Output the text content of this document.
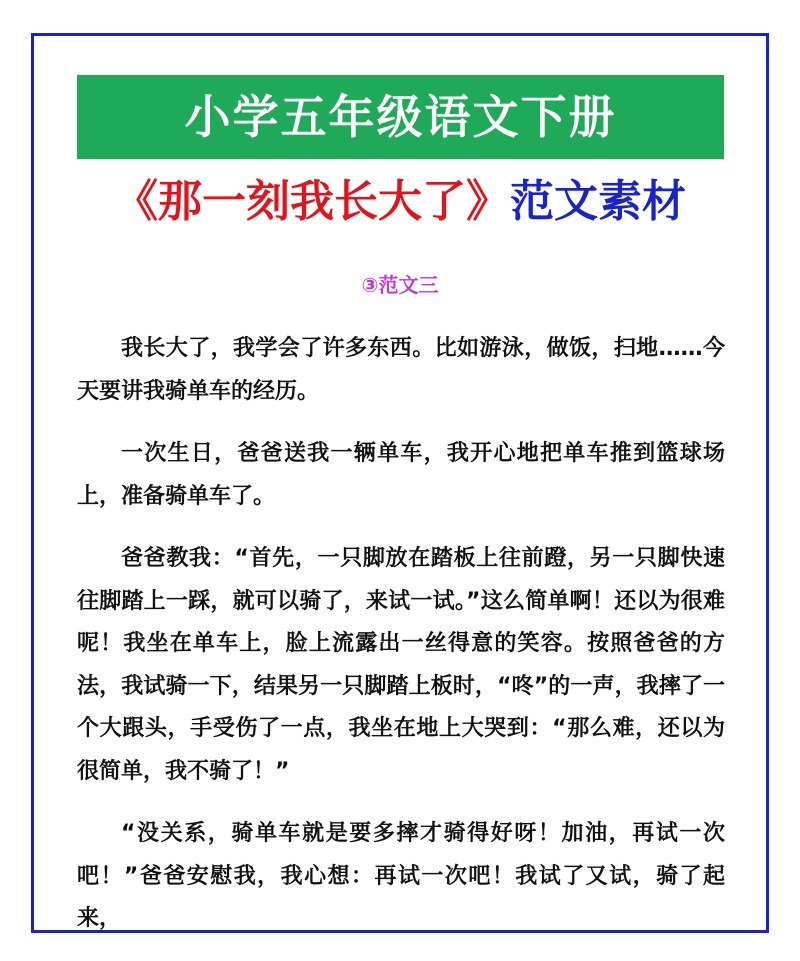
小学五年级语文下册
《那一刻我长大了》范文素材
③范文三

我长大了，我学会了许多东西。比如游泳，做饭，扫地……今天要讲我骑单车的经历。

一次生日，爸爸送我一辆单车，我开心地把单车推到篮球场上，准备骑单车了。

爸爸教我：“首先，一只脚放在踏板上往前蹬，另一只脚快速往脚踏上一踩，就可以骑了，来试一试。”这么简单啊！还以为很难呢！我坐在单车上，脸上流露出一丝得意的笑容。按照爸爸的方法，我试骑一下，结果另一只脚踏上板时，“咚”的一声，我摔了一个大跟头，手受伤了一点，我坐在地上大哭到：“那么难，还以为很简单，我不骑了！”

“没关系，骑单车就是要多摔才骑得好呀！加油，再试一次吧！”爸爸安慰我，我心想：再试一次吧！我试了又试，骑了起来，
